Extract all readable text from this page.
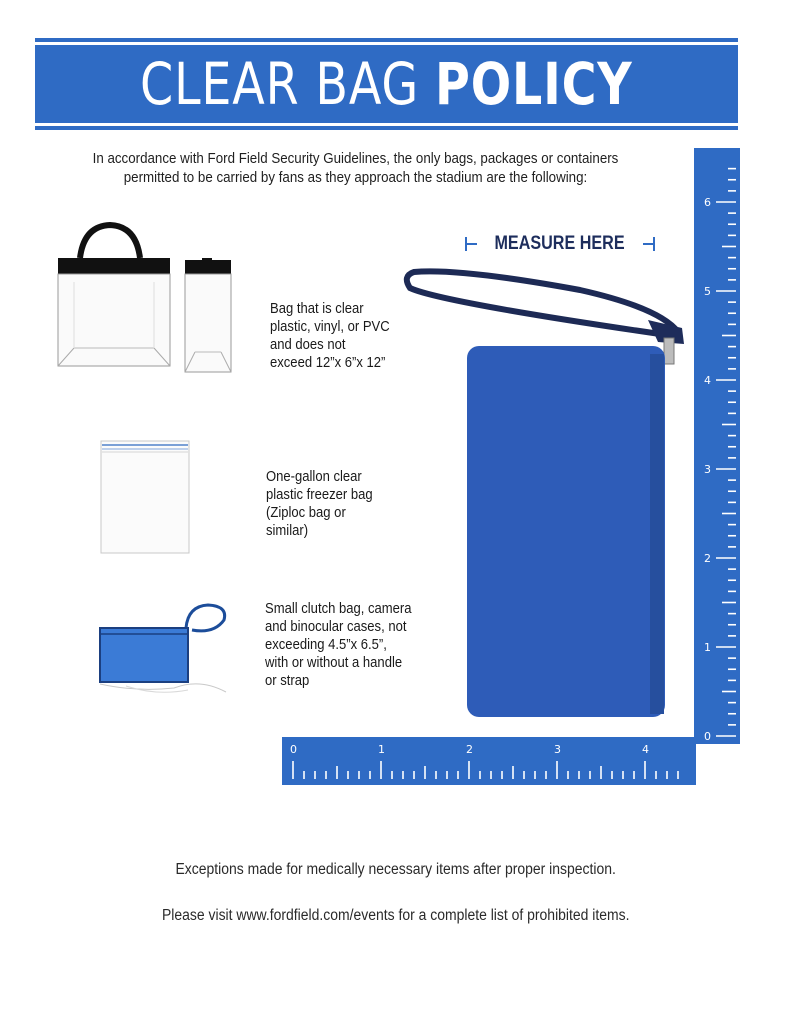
CLEAR BAG POLICY
In accordance with Ford Field Security Guidelines, the only bags, packages or containers
permitted to be carried by fans as they approach the stadium are the following:
Bag that is clear
plastic, vinyl, or PVC
and does not
exceed 12”x 6”x 12”
One-gallon clear
plastic freezer bag
(Ziploc bag or
similar)
Small clutch bag, camera
and binocular cases, not
exceeding 4.5”x 6.5”,
with or without a handle
or strap
MEASURE HERE
0
1
2
3
4
5
6
0	1	2	3	4
Exceptions made for medically necessary items after proper inspection.
Please visit www.fordfield.com/events for a complete list of prohibited items.
